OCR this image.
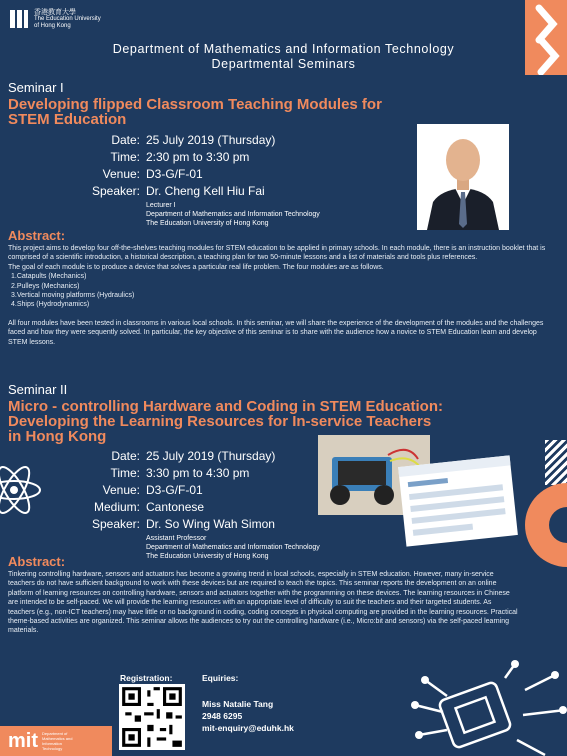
香港教育大學
The Education University
of Hong Kong
Department of Mathematics and Information Technology
Departmental Seminars
Seminar I
Developing flipped Classroom Teaching Modules for
STEM Education
Date: 25 July 2019 (Thursday)
Time: 2:30 pm to 3:30 pm
Venue: D3-G/F-01
Speaker: Dr. Cheng Kell Hiu Fai
Lecturer I
Department of Mathematics and Information Technology
The Education University of Hong Kong
Abstract:
This project aims to develop four off-the-shelves teaching modules for STEM education to be applied in primary schools. In each module, there is an instruction booklet that is comprised of a scientific introduction, a historical description, a teaching plan for two 50-minute lessons and a list of materials and tools plus references.
The goal of each module is to produce a device that solves a particular real life problem. The four modules are as follows.
1.Catapults (Mechanics)
2.Pulleys (Mechanics)
3.Vertical moving platforms (Hydraulics)
4.Ships (Hydrodynamics)
All four modules have been tested in classrooms in various local schools. In this seminar, we will share the experience of the development of the modules and the challenges faced and how they were sequently solved. In particular, the key objective of this seminar is to share with the audience how a novice to STEM Education learn and develop STEM lessons.
Seminar II
Micro - controlling Hardware and Coding in STEM Education:
Developing the Learning Resources for In-service Teachers
in Hong Kong
Date: 25 July 2019 (Thursday)
Time: 3:30 pm to 4:30 pm
Venue: D3-G/F-01
Medium: Cantonese
Speaker: Dr. So Wing Wah Simon
Assistant Professor
Department of Mathematics and Information Technology
The Education University of Hong Kong
Abstract:
Tinkering controlling hardware, sensors and actuators has become a growing trend in local schools, especially in STEM education. However, many in-service teachers do not have sufficient background to work with these devices but are required to teach the topics. This seminar reports the development on an online platform of learning resources on controlling hardware, sensors and actuators together with the programming on these devices. The learning resources in Chinese are intended to be self-paced. We will provide the learning resources with an appropriate level of difficulty to suit the teachers and their targeted students. As teachers (e.g., non-ICT teachers) may have little or no background in coding, coding concepts in physical computing are provided in the learning resources. Practical theme-based activities are organized. This seminar allows the audiences to try out the controlling hardware (i.e., Micro:bit and sensors) via the self-paced learning materials.
mit Department of Mathematics and Information Technology
Registration:	Equiries:
Miss Natalie Tang
2948 6295
mit-enquiry@eduhk.hk
